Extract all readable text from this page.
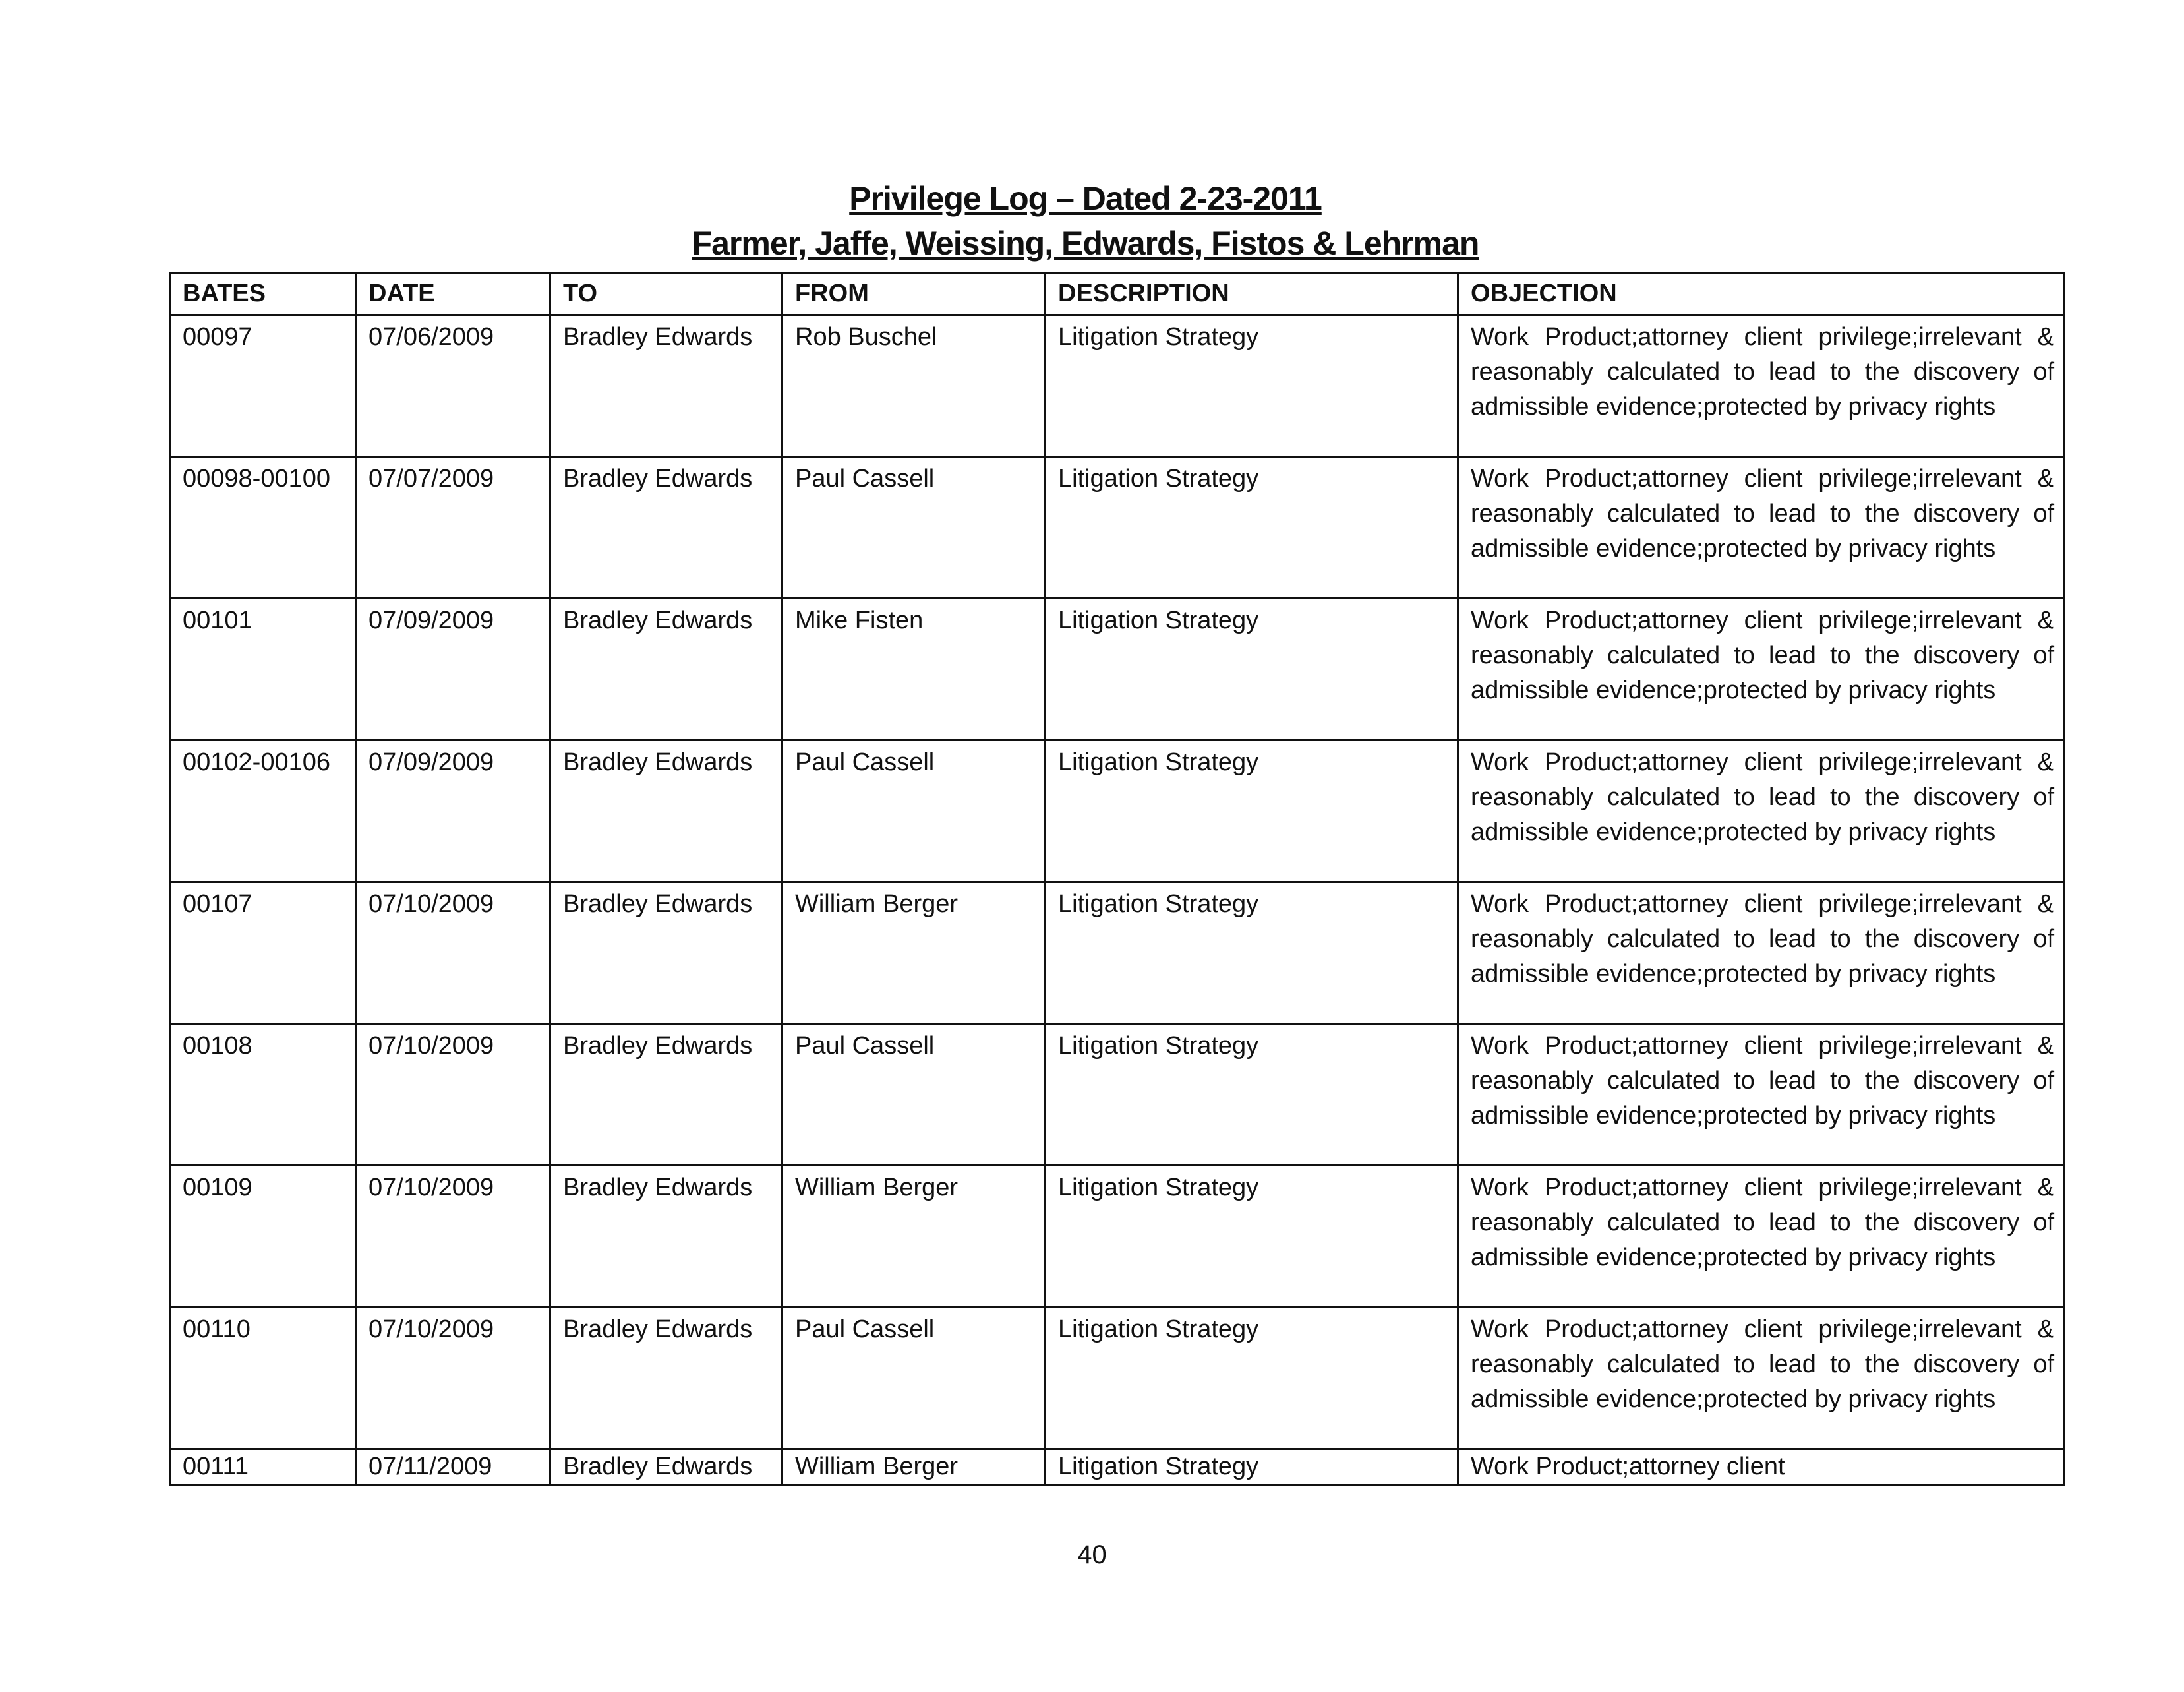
Privilege Log – Dated 2-23-2011
Farmer, Jaffe, Weissing, Edwards, Fistos & Lehrman
BATES	DATE	TO	FROM	DESCRIPTION	OBJECTION
00097	07/06/2009	Bradley Edwards	Rob Buschel	Litigation Strategy	Work Product;attorney client privilege;irrelevant & reasonably calculated to lead to the discovery of admissible evidence;protected by privacy rights
00098-00100	07/07/2009	Bradley Edwards	Paul Cassell	Litigation Strategy	Work Product;attorney client privilege;irrelevant & reasonably calculated to lead to the discovery of admissible evidence;protected by privacy rights
00101	07/09/2009	Bradley Edwards	Mike Fisten	Litigation Strategy	Work Product;attorney client privilege;irrelevant & reasonably calculated to lead to the discovery of admissible evidence;protected by privacy rights
00102-00106	07/09/2009	Bradley Edwards	Paul Cassell	Litigation Strategy	Work Product;attorney client privilege;irrelevant & reasonably calculated to lead to the discovery of admissible evidence;protected by privacy rights
00107	07/10/2009	Bradley Edwards	William Berger	Litigation Strategy	Work Product;attorney client privilege;irrelevant & reasonably calculated to lead to the discovery of admissible evidence;protected by privacy rights
00108	07/10/2009	Bradley Edwards	Paul Cassell	Litigation Strategy	Work Product;attorney client privilege;irrelevant & reasonably calculated to lead to the discovery of admissible evidence;protected by privacy rights
00109	07/10/2009	Bradley Edwards	William Berger	Litigation Strategy	Work Product;attorney client privilege;irrelevant & reasonably calculated to lead to the discovery of admissible evidence;protected by privacy rights
00110	07/10/2009	Bradley Edwards	Paul Cassell	Litigation Strategy	Work Product;attorney client privilege;irrelevant & reasonably calculated to lead to the discovery of admissible evidence;protected by privacy rights
00111	07/11/2009	Bradley Edwards	William Berger	Litigation Strategy	Work Product;attorney client
40
